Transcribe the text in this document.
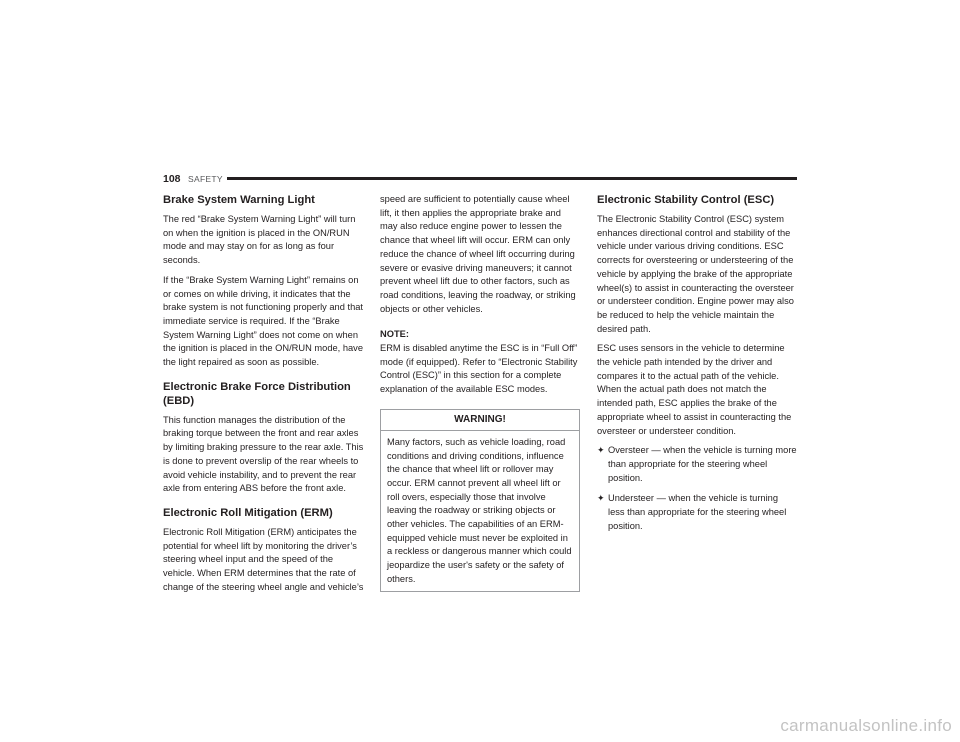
108 SAFETY
Brake System Warning Light

The red “Brake System Warning Light” will turn on when the ignition is placed in the ON/RUN mode and may stay on for as long as four seconds.

If the “Brake System Warning Light” remains on or comes on while driving, it indicates that the brake system is not functioning properly and that immediate service is required. If the “Brake System Warning Light” does not come on when the ignition is placed in the ON/RUN mode, have the light repaired as soon as possible.

Electronic Brake Force Distribution (EBD)

This function manages the distribution of the braking torque between the front and rear axles by limiting braking pressure to the rear axle. This is done to prevent overslip of the rear wheels to avoid vehicle instability, and to prevent the rear axle from entering ABS before the front axle.

Electronic Roll Mitigation (ERM)

Electronic Roll Mitigation (ERM) anticipates the potential for wheel lift by monitoring the driver’s steering wheel input and the speed of the vehicle. When ERM determines that the rate of change of the steering wheel angle and vehicle’s

speed are sufficient to potentially cause wheel lift, it then applies the appropriate brake and may also reduce engine power to lessen the chance that wheel lift will occur. ERM can only reduce the chance of wheel lift occurring during severe or evasive driving maneuvers; it cannot prevent wheel lift due to other factors, such as road conditions, leaving the roadway, or striking objects or other vehicles.

NOTE:

ERM is disabled anytime the ESC is in “Full Off” mode (if equipped). Refer to “Electronic Stability Control (ESC)” in this section for a complete explanation of the available ESC modes.

WARNING!
Many factors, such as vehicle loading, road conditions and driving conditions, influence the chance that wheel lift or rollover may occur. ERM cannot prevent all wheel lift or roll overs, especially those that involve leaving the roadway or striking objects or other vehicles. The capabilities of an ERM-equipped vehicle must never be exploited in a reckless or dangerous manner which could jeopardize the user's safety or the safety of others.
Electronic Stability Control (ESC)

The Electronic Stability Control (ESC) system enhances directional control and stability of the vehicle under various driving conditions. ESC corrects for oversteering or understeering of the vehicle by applying the brake of the appropriate wheel(s) to assist in counteracting the oversteer or understeer condition. Engine power may also be reduced to help the vehicle maintain the desired path.

ESC uses sensors in the vehicle to determine the vehicle path intended by the driver and compares it to the actual path of the vehicle. When the actual path does not match the intended path, ESC applies the brake of the appropriate wheel to assist in counteracting the oversteer or understeer condition.

✦ Oversteer — when the vehicle is turning more than appropriate for the steering wheel position.
✦ Understeer — when the vehicle is turning less than appropriate for the steering wheel position.
carmanualsonline.info
